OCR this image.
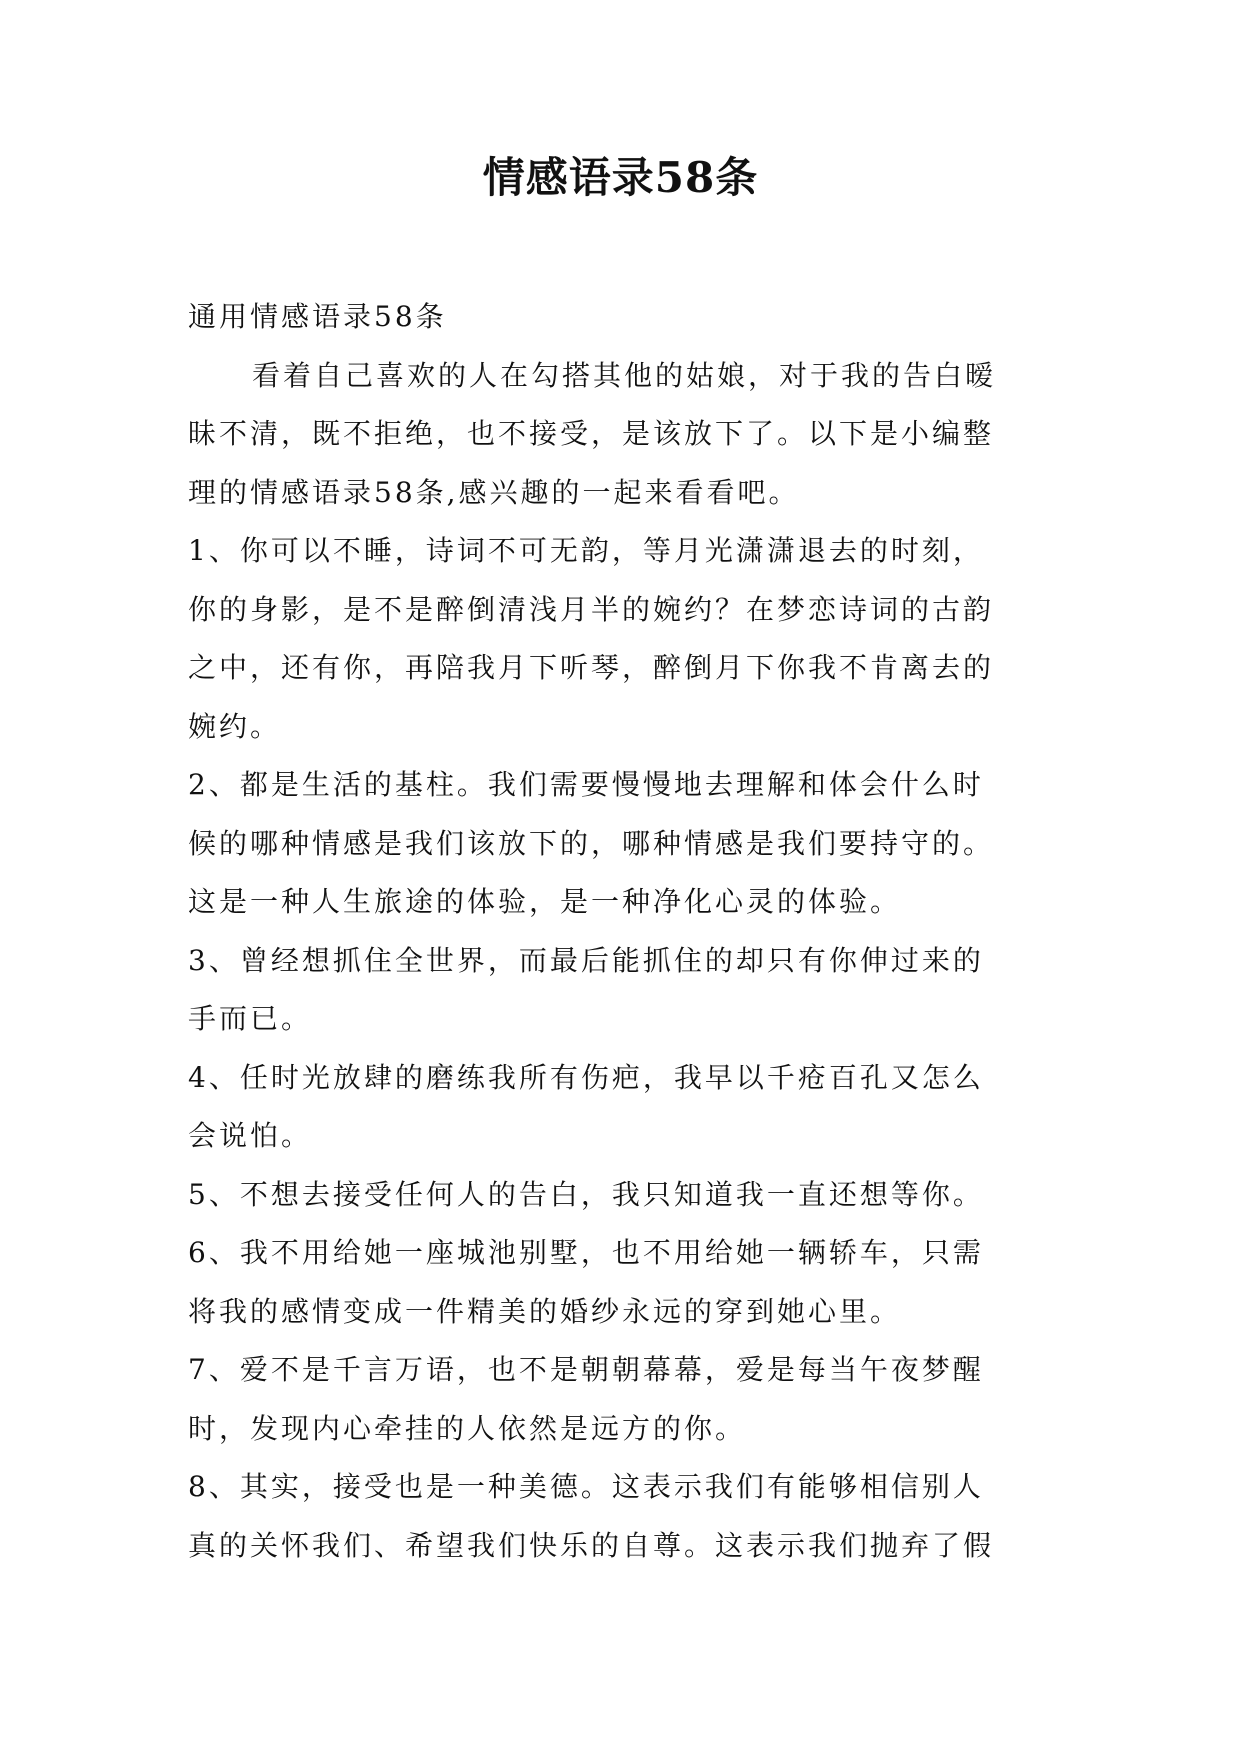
情感语录58条
通用情感语录58条
看着自己喜欢的人在勾搭其他的姑娘，对于我的告白暧
昧不清，既不拒绝，也不接受，是该放下了。以下是小编整
理的情感语录58条,感兴趣的一起来看看吧。
1、你可以不睡，诗词不可无韵，等月光潇潇退去的时刻，
你的身影，是不是醉倒清浅月半的婉约？在梦恋诗词的古韵
之中，还有你，再陪我月下听琴，醉倒月下你我不肯离去的
婉约。
2、都是生活的基柱。我们需要慢慢地去理解和体会什么时
候的哪种情感是我们该放下的，哪种情感是我们要持守的。
这是一种人生旅途的体验，是一种净化心灵的体验。
3、曾经想抓住全世界，而最后能抓住的却只有你伸过来的
手而已。
4、任时光放肆的磨练我所有伤疤，我早以千疮百孔又怎么
会说怕。
5、不想去接受任何人的告白，我只知道我一直还想等你。
6、我不用给她一座城池别墅，也不用给她一辆轿车，只需
将我的感情变成一件精美的婚纱永远的穿到她心里。
7、爱不是千言万语，也不是朝朝幕幕，爱是每当午夜梦醒
时，发现内心牵挂的人依然是远方的你。
8、其实，接受也是一种美德。这表示我们有能够相信别人
真的关怀我们、希望我们快乐的自尊。这表示我们抛弃了假
